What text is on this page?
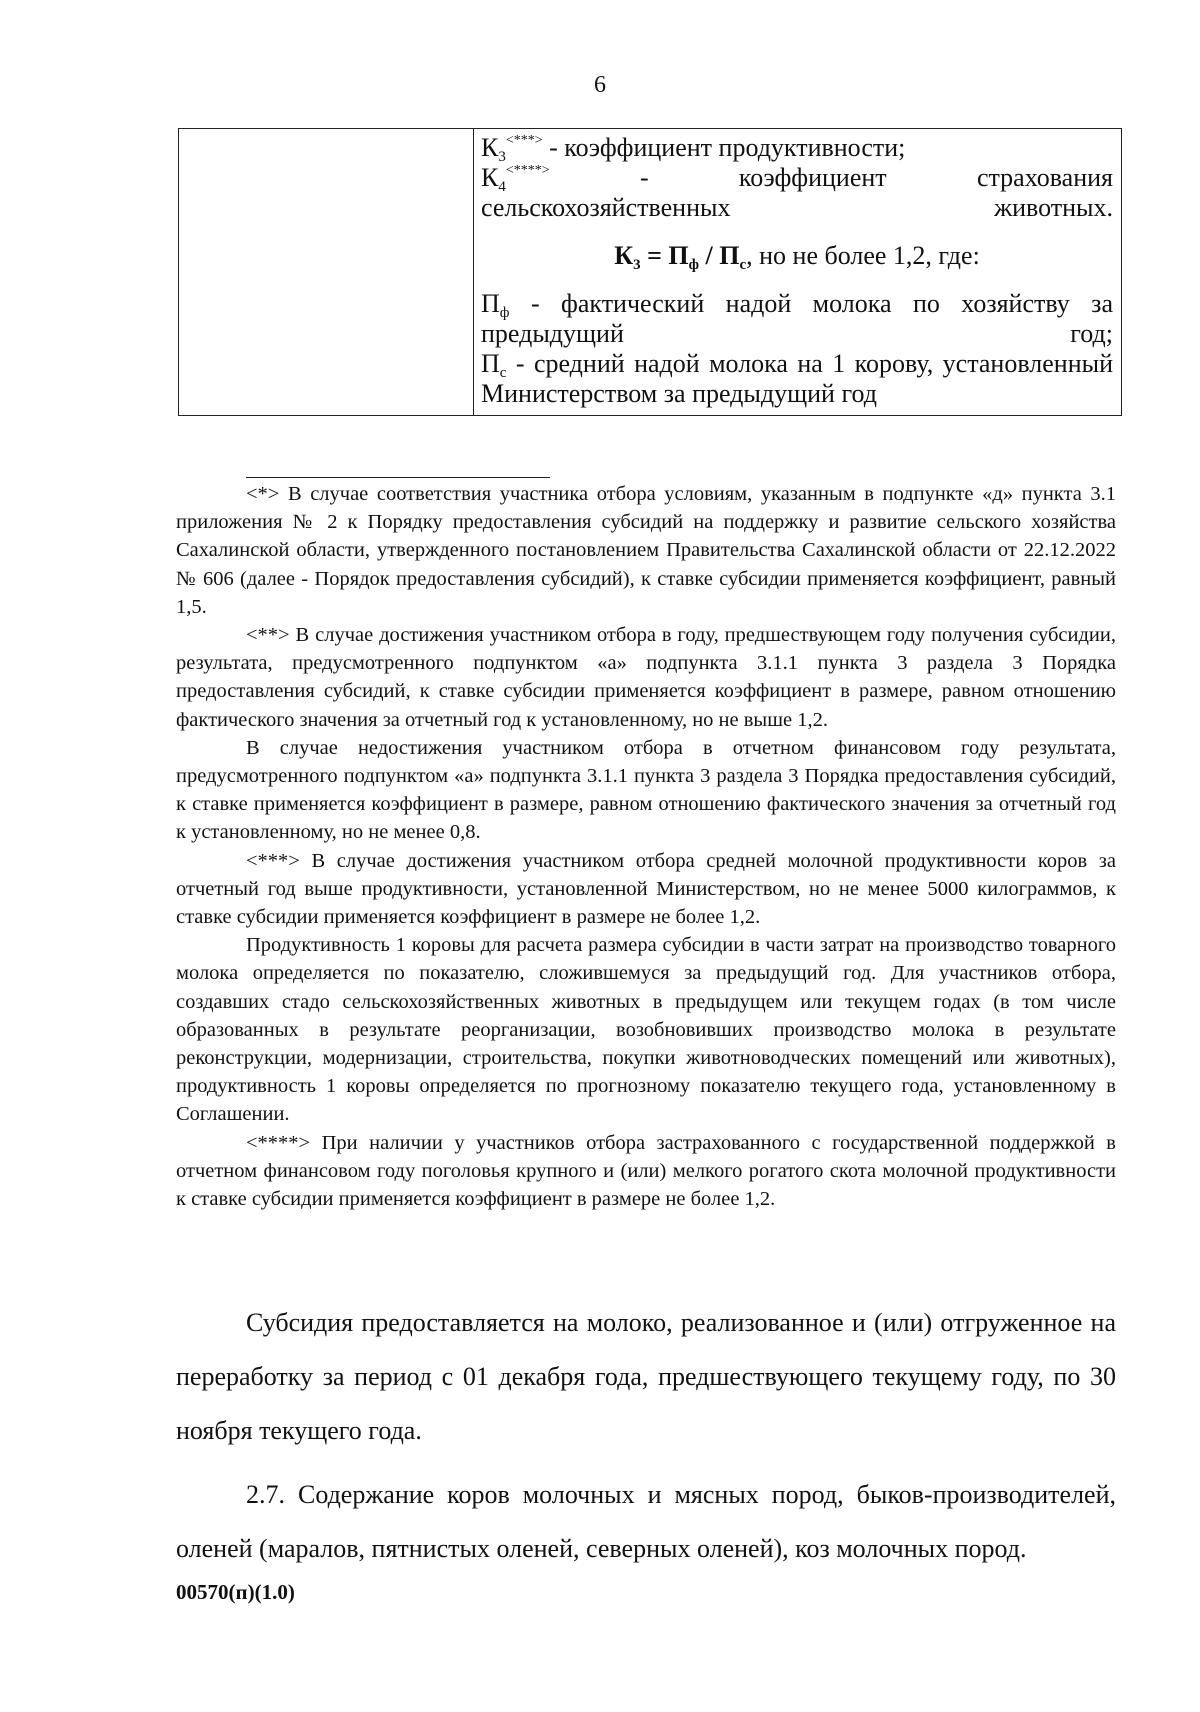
6

$К_3^{<***>}$ - коэффициент продуктивности;

$К_4^{<****>}$ - коэффициент страхования сельскохозяйственных животных.

$К_3 = П_ф / П_с$, но не более 1,2, где:

$П_ф$ - фактический надой молока по хозяйству за предыдущий год;

$П_с$ - средний надой молока на 1 корову, установленный Министерством за предыдущий год

<*> В случае соответствия участника отбора условиям, указанным в подпункте «д» пункта 3.1 приложения № 2 к Порядку предоставления субсидий на поддержку и развитие сельского хозяйства Сахалинской области, утвержденного постановлением Правительства Сахалинской области от 22.12.2022 № 606 (далее - Порядок предоставления субсидий), к ставке субсидии применяется коэффициент, равный 1,5.

<**> В случае достижения участником отбора в году, предшествующем году получения субсидии, результата, предусмотренного подпунктом «а» подпункта 3.1.1 пункта 3 раздела 3 Порядка предоставления субсидий, к ставке субсидии применяется коэффициент в размере, равном отношению фактического значения за отчетный год к установленному, но не выше 1,2.

В случае недостижения участником отбора в отчетном финансовом году результата, предусмотренного подпунктом «а» подпункта 3.1.1 пункта 3 раздела 3 Порядка предоставления субсидий, к ставке применяется коэффициент в размере, равном отношению фактического значения за отчетный год к установленному, но не менее 0,8.

<***> В случае достижения участником отбора средней молочной продуктивности коров за отчетный год выше продуктивности, установленной Министерством, но не менее 5000 килограммов, к ставке субсидии применяется коэффициент в размере не более 1,2.

Продуктивность 1 коровы для расчета размера субсидии в части затрат на производство товарного молока определяется по показателю, сложившемуся за предыдущий год. Для участников отбора, создавших стадо сельскохозяйственных животных в предыдущем или текущем годах (в том числе образованных в результате реорганизации, возобновивших производство молока в результате реконструкции, модернизации, строительства, покупки животноводческих помещений или животных), продуктивность 1 коровы определяется по прогнозному показателю текущего года, установленному в Соглашении.

<****> При наличии у участников отбора застрахованного с государственной поддержкой в отчетном финансовом году поголовья крупного и (или) мелкого рогатого скота молочной продуктивности к ставке субсидии применяется коэффициент в размере не более 1,2.

Субсидия предоставляется на молоко, реализованное и (или) отгруженное на переработку за период с 01 декабря года, предшествующего текущему году, по 30 ноября текущего года.

2.7. Содержание коров молочных и мясных пород, быков-производителей, оленей (маралов, пятнистых оленей, северных оленей), коз молочных пород.

00570(п)(1.0)
